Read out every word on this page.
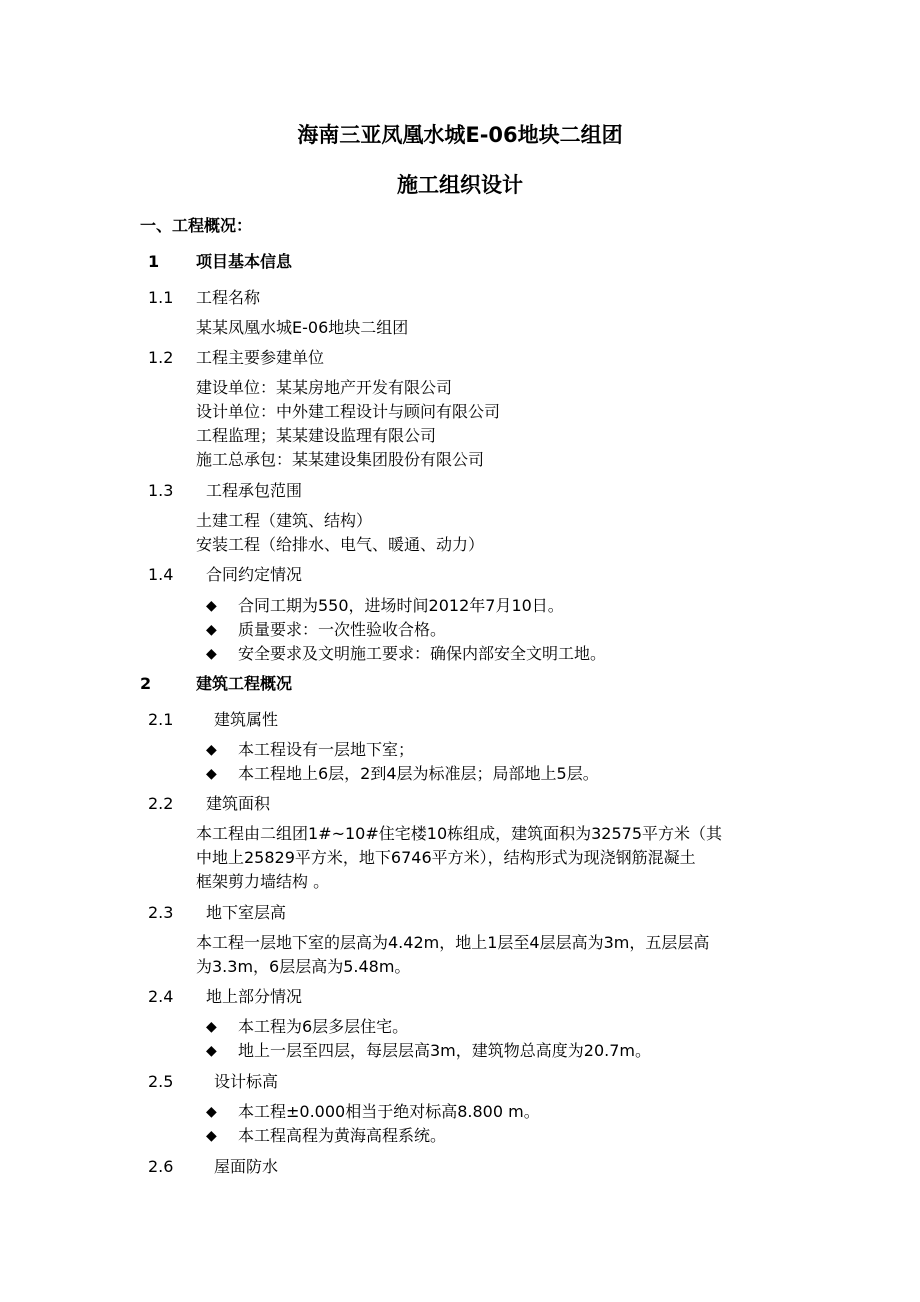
海南三亚凤凰水城E-06地块二组团
施工组织设计
一、工程概况：
1 项目基本信息
1.1 工程名称
某某凤凰水城E-06地块二组团
1.2 工程主要参建单位
建设单位：某某房地产开发有限公司
设计单位：中外建工程设计与顾问有限公司
工程监理；某某建设监理有限公司
施工总承包：某某建设集团股份有限公司
1.3 工程承包范围
土建工程（建筑、结构）
安装工程（给排水、电气、暖通、动力）
1.4 合同约定情况
◆ 合同工期为550，进场时间2012年7月10日。
◆ 质量要求：一次性验收合格。
◆ 安全要求及文明施工要求：确保内部安全文明工地。
2	建筑工程概况
2.1	建筑属性
◆ 本工程设有一层地下室；
◆ 本工程地上6层，2到4层为标准层；局部地上5层。
2.2 建筑面积
本工程由二组团1#~10#住宅楼10栋组成，建筑面积为32575平方米（其
中地上25829平方米，地下6746平方米），结构形式为现浇钢筋混凝土
框架剪力墙结构 。
2.3 地下室层高
本工程一层地下室的层高为4.42m，地上1层至4层层高为3m，五层层高
为3.3m，6层层高为5.48m。
2.4 地上部分情况
◆ 本工程为6层多层住宅。
◆ 地上一层至四层，每层层高3m，建筑物总高度为20.7m。
2.5	设计标高
◆ 本工程±0.000相当于绝对标高8.800 m。
◆ 本工程高程为黄海高程系统。
2.6	屋面防水
